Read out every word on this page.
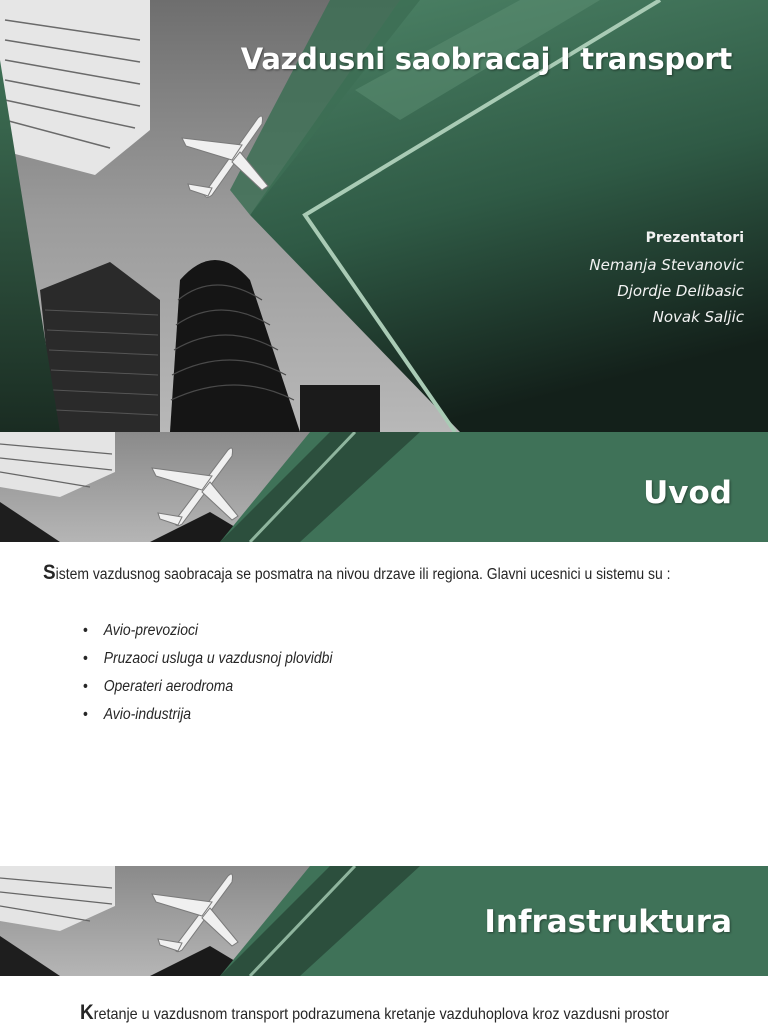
Vazdusni saobracaj I transport
Prezentatori
Nemanja Stevanovic
Djordje Delibasic
Novak Saljic
Uvod
Sistem vazdusnog saobracaja se posmatra na nivou drzave ili regiona. Glavni ucesnici u sistemu su :
• Avio-prevozioci
• Pruzaoci usluga u vazdusnoj plovidbi
• Operateri aerodroma
• Avio-industrija
Infrastruktura
Kretanje u vazdusnom transport podrazumena kretanje vazduhoplova kroz vazdusni prostor
